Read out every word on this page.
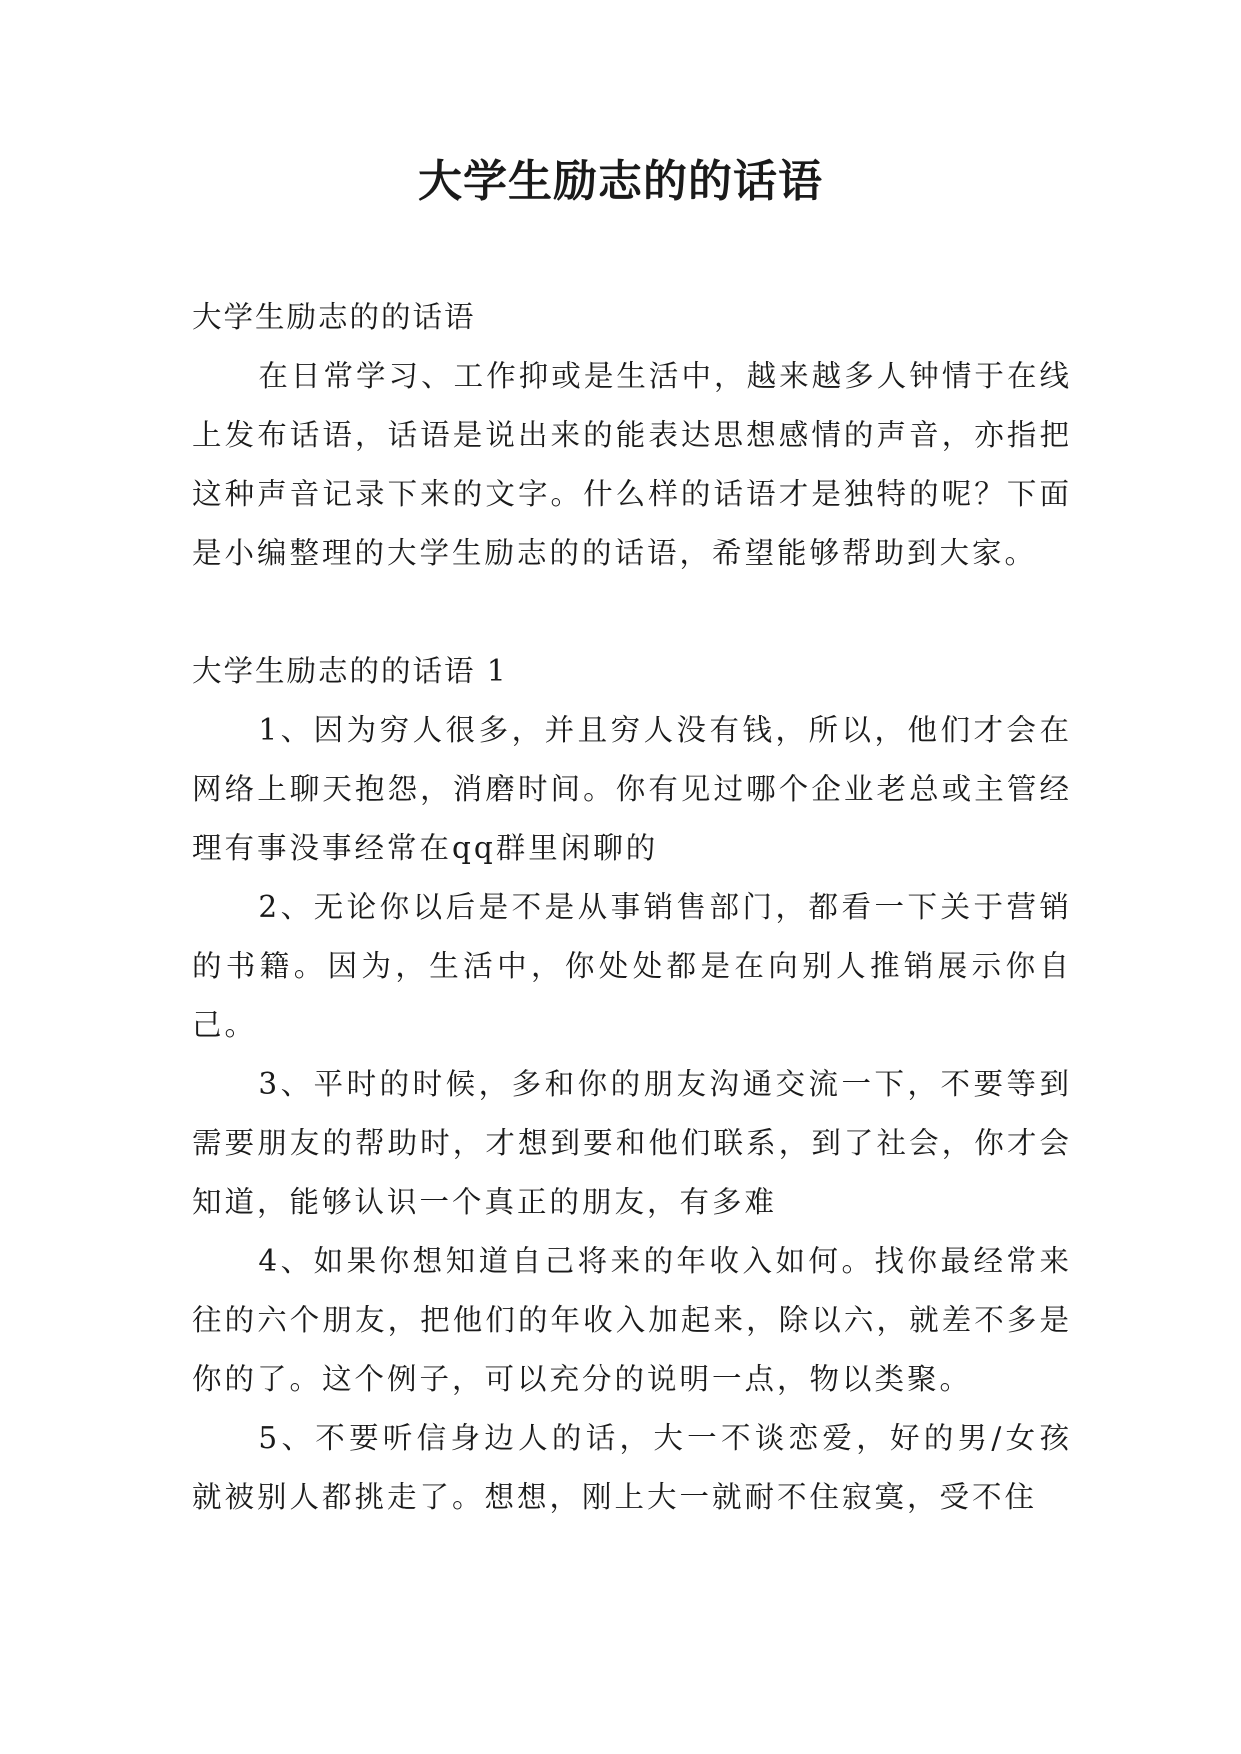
大学生励志的的话语

大学生励志的的话语

在日常学习、工作抑或是生活中，越来越多人钟情于在线上发布话语，话语是说出来的能表达思想感情的声音，亦指把这种声音记录下来的文字。什么样的话语才是独特的呢？下面是小编整理的大学生励志的的话语，希望能够帮助到大家。

大学生励志的的话语 1

1、因为穷人很多，并且穷人没有钱，所以，他们才会在网络上聊天抱怨，消磨时间。你有见过哪个企业老总或主管经理有事没事经常在qq群里闲聊的

2、无论你以后是不是从事销售部门，都看一下关于营销的书籍。因为，生活中，你处处都是在向别人推销展示你自己。

3、平时的时候，多和你的朋友沟通交流一下，不要等到需要朋友的帮助时，才想到要和他们联系，到了社会，你才会知道，能够认识一个真正的朋友，有多难

4、如果你想知道自己将来的年收入如何。找你最经常来往的六个朋友，把他们的年收入加起来，除以六，就差不多是你的了。这个例子，可以充分的说明一点，物以类聚。

5、不要听信身边人的话，大一不谈恋爱，好的男/女孩就被别人都挑走了。想想，刚上大一就耐不住寂寞，受不住
